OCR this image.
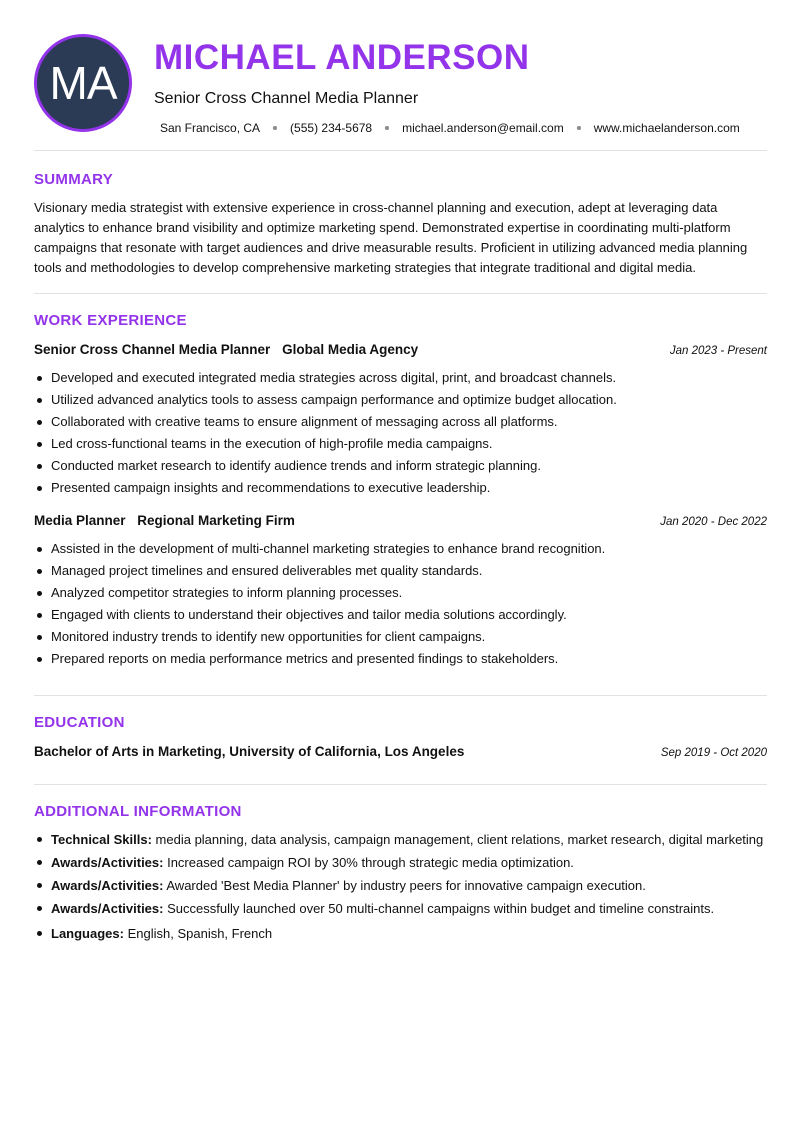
MA MICHAEL ANDERSON
Senior Cross Channel Media Planner
San Francisco, CA	(555) 234-5678	michael.anderson@email.com	www.michaelanderson.com
SUMMARY

Visionary media strategist with extensive experience in cross-channel planning and execution, adept at leveraging data analytics to enhance brand visibility and optimize marketing spend. Demonstrated expertise in coordinating multi-platform campaigns that resonate with target audiences and drive measurable results. Proficient in utilizing advanced media planning tools and methodologies to develop comprehensive marketing strategies that integrate traditional and digital media.

WORK EXPERIENCE
Senior Cross Channel Media Planner Global Media Agency	Jan 2023 - Present
Developed and executed integrated media strategies across digital, print, and broadcast channels.
Utilized advanced analytics tools to assess campaign performance and optimize budget allocation.
Collaborated with creative teams to ensure alignment of messaging across all platforms.
Led cross-functional teams in the execution of high-profile media campaigns.
Conducted market research to identify audience trends and inform strategic planning.
Presented campaign insights and recommendations to executive leadership.
Media Planner Regional Marketing Firm	Jan 2020 - Dec 2022
Assisted in the development of multi-channel marketing strategies to enhance brand recognition.
Managed project timelines and ensured deliverables met quality standards.
Analyzed competitor strategies to inform planning processes.
Engaged with clients to understand their objectives and tailor media solutions accordingly.
Monitored industry trends to identify new opportunities for client campaigns.
Prepared reports on media performance metrics and presented findings to stakeholders.
EDUCATION
Bachelor of Arts in Marketing, University of California, Los Angeles	Sep 2019 - Oct 2020
ADDITIONAL INFORMATION
Technical Skills: media planning, data analysis, campaign management, client relations, market research, digital marketing
Awards/Activities: Increased campaign ROI by 30% through strategic media optimization.
Awards/Activities: Awarded 'Best Media Planner' by industry peers for innovative campaign execution.
Awards/Activities: Successfully launched over 50 multi-channel campaigns within budget and timeline constraints.
Languages: English, Spanish, French
